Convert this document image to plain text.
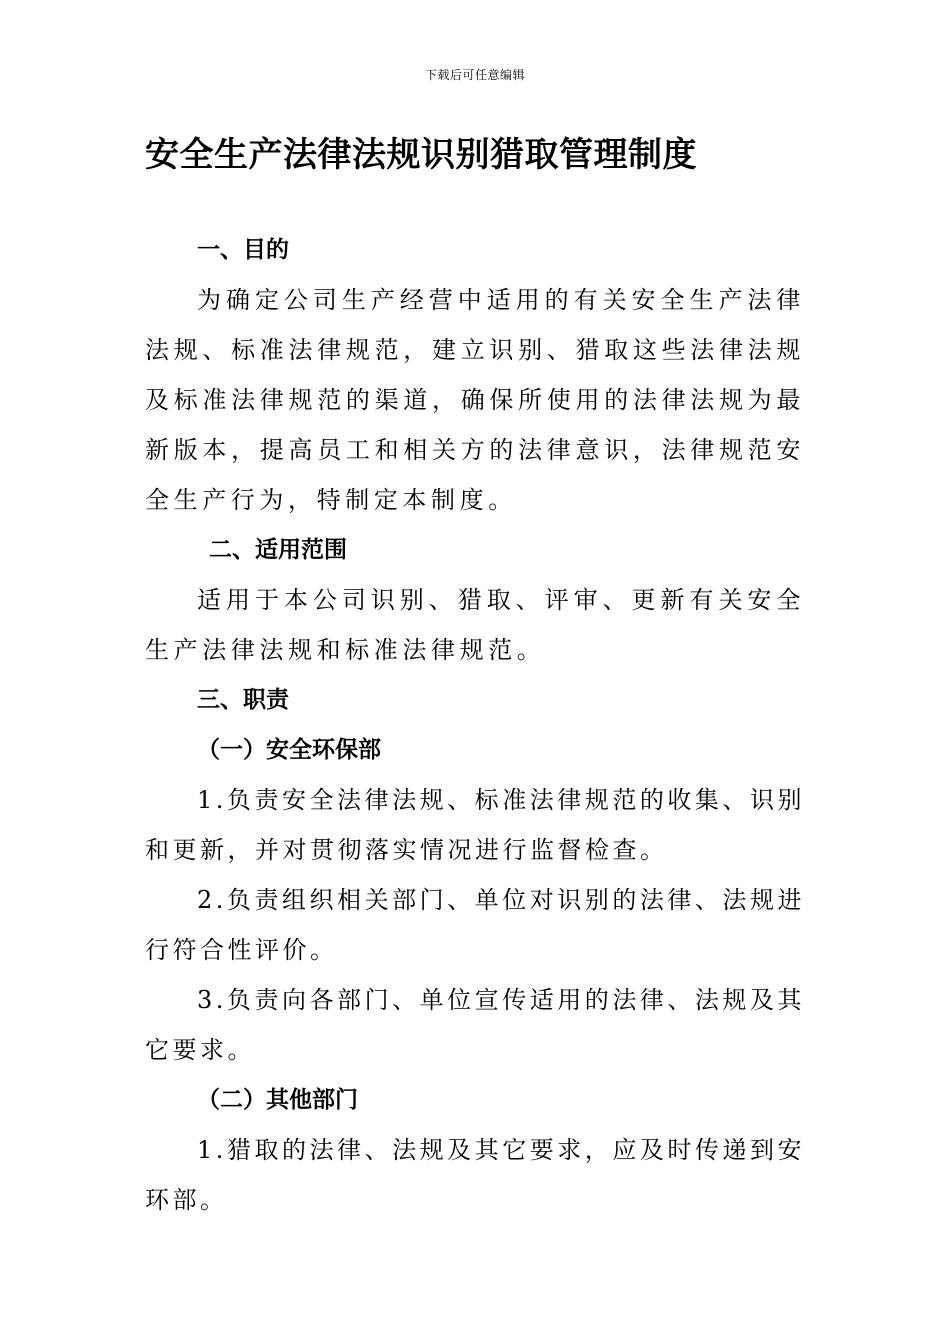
下载后可任意编辑
安全生产法律法规识别猎取管理制度
一、目的
为确定公司生产经营中适用的有关安全生产法律法规、标准法律规范，建立识别、猎取这些法律法规及标准法律规范的渠道，确保所使用的法律法规为最新版本，提高员工和相关方的法律意识，法律规范安全生产行为，特制定本制度。
二、适用范围
适用于本公司识别、猎取、评审、更新有关安全生产法律法规和标准法律规范。
三、职责
（一）安全环保部
1.负责安全法律法规、标准法律规范的收集、识别和更新，并对贯彻落实情况进行监督检查。
2.负责组织相关部门、单位对识别的法律、法规进行符合性评价。
3.负责向各部门、单位宣传适用的法律、法规及其它要求。
（二）其他部门
1.猎取的法律、法规及其它要求，应及时传递到安环部。
